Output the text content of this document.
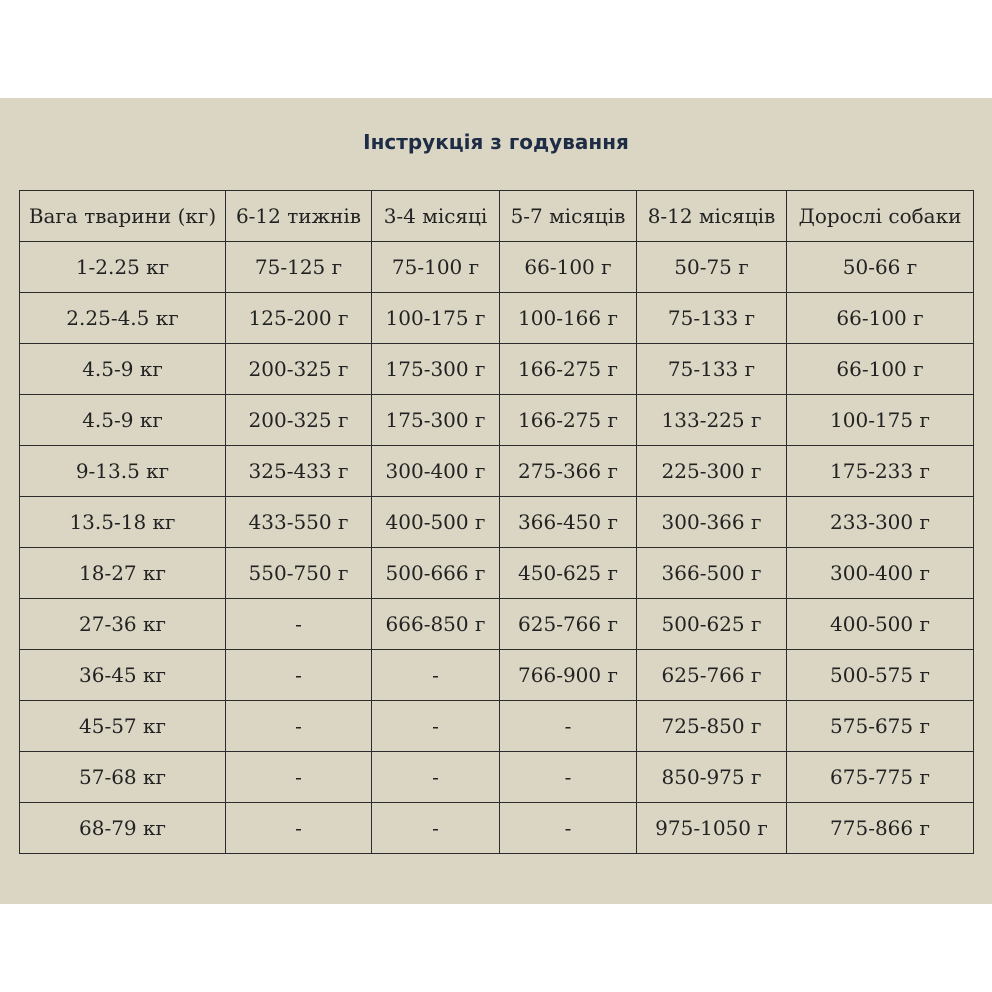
Інструкція з годування
Вага тварини (кг)	6-12 тижнів	3-4 місяці	5-7 місяців	8-12 місяців	Дорослі собаки
1-2.25 кг	75-125 г	75-100 г	66-100 г	50-75 г	50-66 г
2.25-4.5 кг	125-200 г	100-175 г	100-166 г	75-133 г	66-100 г
4.5-9 кг	200-325 г	175-300 г	166-275 г	75-133 г	66-100 г
4.5-9 кг	200-325 г	175-300 г	166-275 г	133-225 г	100-175 г
9-13.5 кг	325-433 г	300-400 г	275-366 г	225-300 г	175-233 г
13.5-18 кг	433-550 г	400-500 г	366-450 г	300-366 г	233-300 г
18-27 кг	550-750 г	500-666 г	450-625 г	366-500 г	300-400 г
27-36 кг	-	666-850 г	625-766 г	500-625 г	400-500 г
36-45 кг	-	-	766-900 г	625-766 г	500-575 г
45-57 кг	-	-	-	725-850 г	575-675 г
57-68 кг	-	-	-	850-975 г	675-775 г
68-79 кг	-	-	-	975-1050 г	775-866 г
